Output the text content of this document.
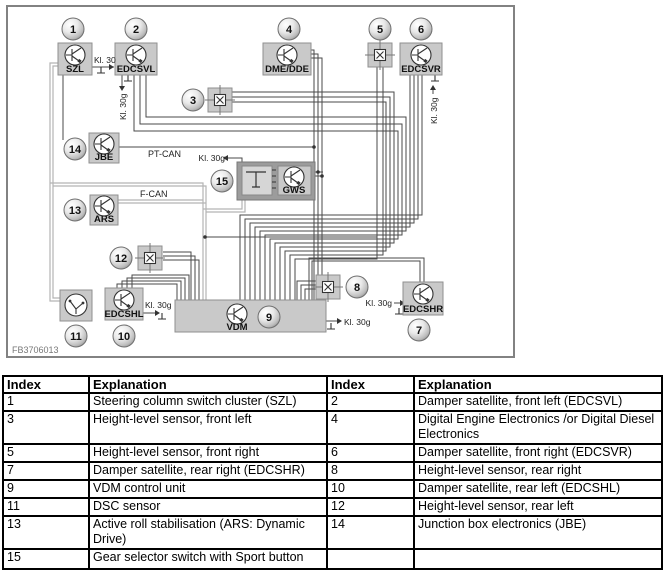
SZL	EDCSVL	DME/DDE	EDCSVR
JBE
GWS
ARS
EDCSHL
VDM
EDCSHR
1	2
3
4	5	6
7
8
9
10
11
12
13
14
15
Kl. 30
Kl. 30g	Kl. 30g
Kl. 30g
Kl. 30g
Kl. 30g
Kl. 30g
PT-CAN
F-CAN
FB3706013
Index	Explanation	Index	Explanation
1	Steering column switch cluster (SZL)	2	Damper satellite, front left (EDCSVL)
3	Height-level sensor, front left	4	Digital Engine Electronics /or Digital Diesel Electronics
5	Height-level sensor, front right	6	Damper satellite, front right (EDCSVR)
7	Damper satellite, rear right (EDCSHR)	8	Height-level sensor, rear right
9	VDM control unit	10	Damper satellite, rear left (EDCSHL)
11	DSC sensor	12	Height-level sensor, rear left
13	Active roll stabilisation (ARS: Dynamic Drive)	14	Junction box electronics (JBE)
15	Gear selector switch with Sport button		
